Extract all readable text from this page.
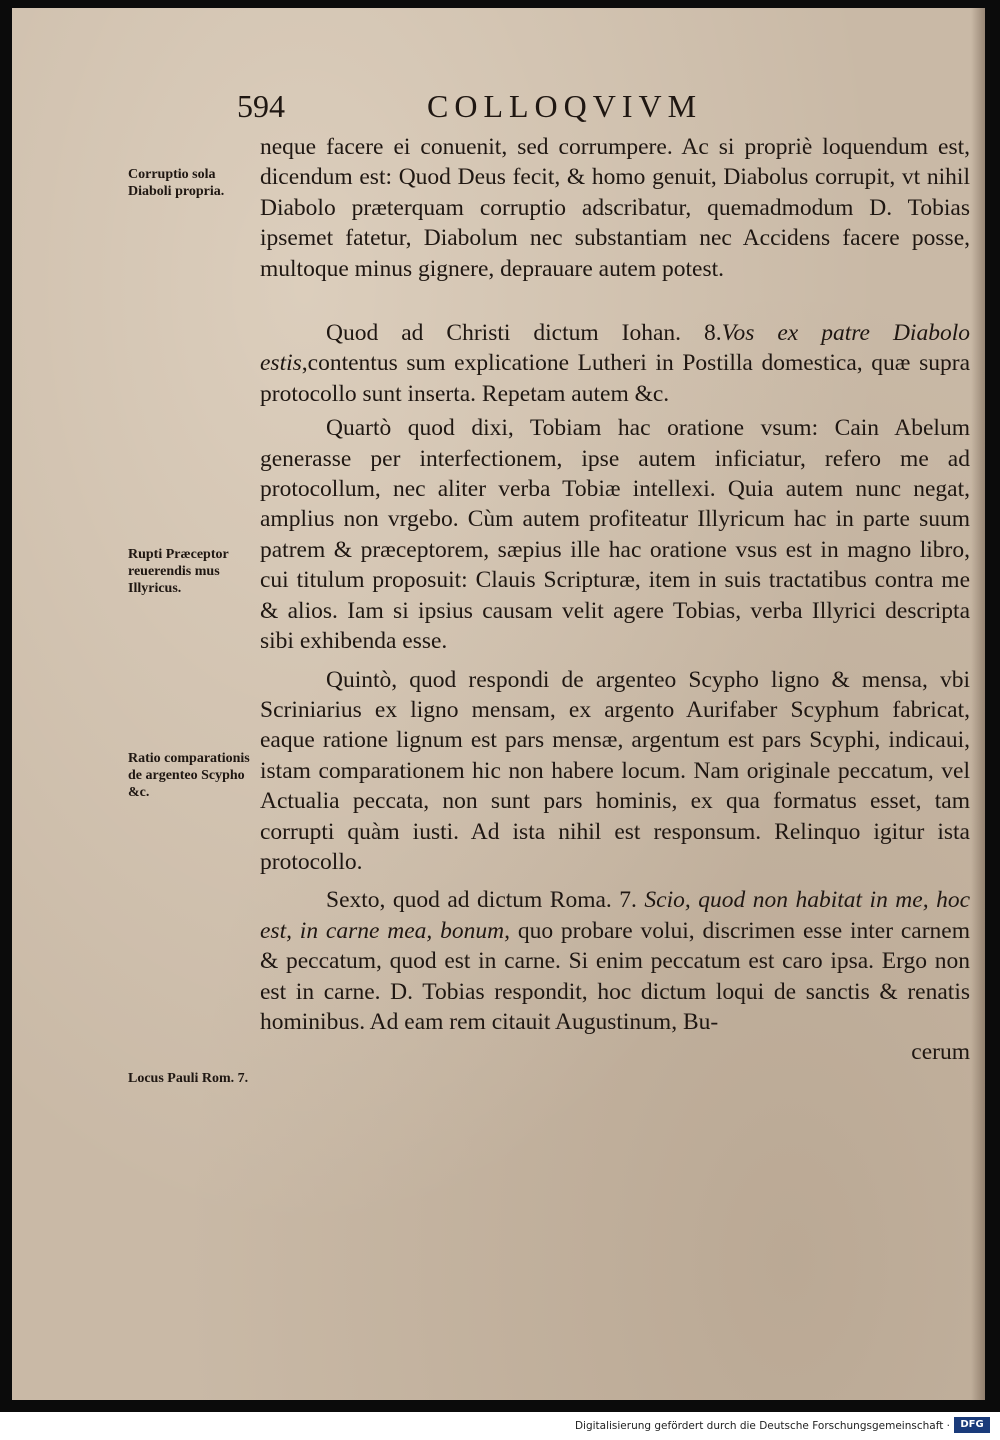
594	COLLOQVIVM
Corruptio sola Diaboli propria.
Rupti Præceptor reuerendis mus Illyricus.
Ratio comparationis de argenteo Scypho &c.
Locus Pauli Rom. 7.

neque facere ei conuenit, sed corrumpere. Ac si propriè loquendum est, dicendum est: Quod Deus fecit, & homo genuit, Diabolus corrupit, vt nihil Diabolo præterquam corruptio adscribatur, quemadmodum D. Tobias ipsemet fatetur, Diabolum nec substantiam nec Accidens facere posse, multoque minus gignere, deprauare autem potest.

Quod ad Christi dictum Iohan. 8.Vos ex patre Diabolo estis,contentus sum explicatione Lutheri in Postilla domestica, quæ supra protocollo sunt inserta. Repetam autem &c.

Quartò quod dixi, Tobiam hac oratione vsum: Cain Abelum generasse per interfectionem, ipse autem inficiatur, refero me ad protocollum, nec aliter verba Tobiæ intellexi. Quia autem nunc negat, amplius non vrgebo. Cùm autem profiteatur Illyricum hac in parte suum patrem & præceptorem, sæpius ille hac oratione vsus est in magno libro, cui titulum proposuit: Clauis Scripturæ, item in suis tractatibus contra me & alios. Iam si ipsius causam velit agere Tobias, verba Illyrici descripta sibi exhibenda esse.

Quintò, quod respondi de argenteo Scypho ligno & mensa, vbi Scriniarius ex ligno mensam, ex argento Aurifaber Scyphum fabricat, eaque ratione lignum est pars mensæ, argentum est pars Scyphi, indicaui, istam comparationem hic non habere locum. Nam originale peccatum, vel Actualia peccata, non sunt pars hominis, ex qua formatus esset, tam corrupti quàm iusti. Ad ista nihil est responsum. Relinquo igitur ista protocollo.

Sexto, quod ad dictum Roma. 7. Scio, quod non habitat in me, hoc est, in carne mea, bonum, quo probare volui, discrimen esse inter carnem & peccatum, quod est in carne. Si enim peccatum est caro ipsa. Ergo non est in carne. D. Tobias respondit, hoc dictum loqui de sanctis & renatis hominibus. Ad eam rem citauit Augustinum, Bu-

cerum

Digitalisierung gefördert durch die Deutsche Forschungsgemeinschaft ·	DFG
